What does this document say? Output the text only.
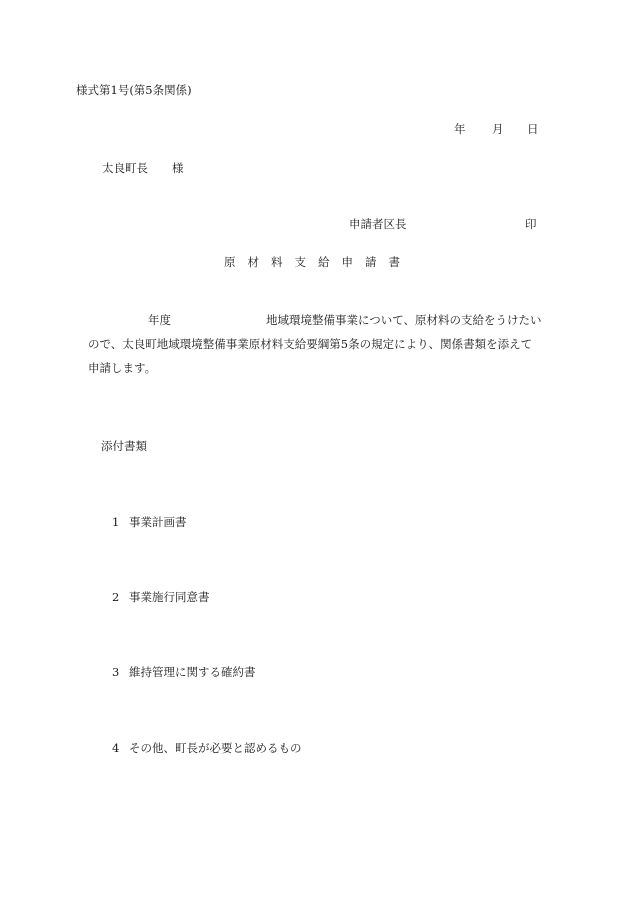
様式第1号(第5条関係)
年 月 日
太良町長 様
申請者区長	印
原 材 料 支 給 申 請 書
年度	地域環境整備事業について、原材料の支給をうけたい
ので、太良町地域環境整備事業原材料支給要綱第5条の規定により、関係書類を添えて
申請します。
添付書類
1 事業計画書
2 事業施行同意書
3 維持管理に関する確約書
4 その他、町長が必要と認めるもの
